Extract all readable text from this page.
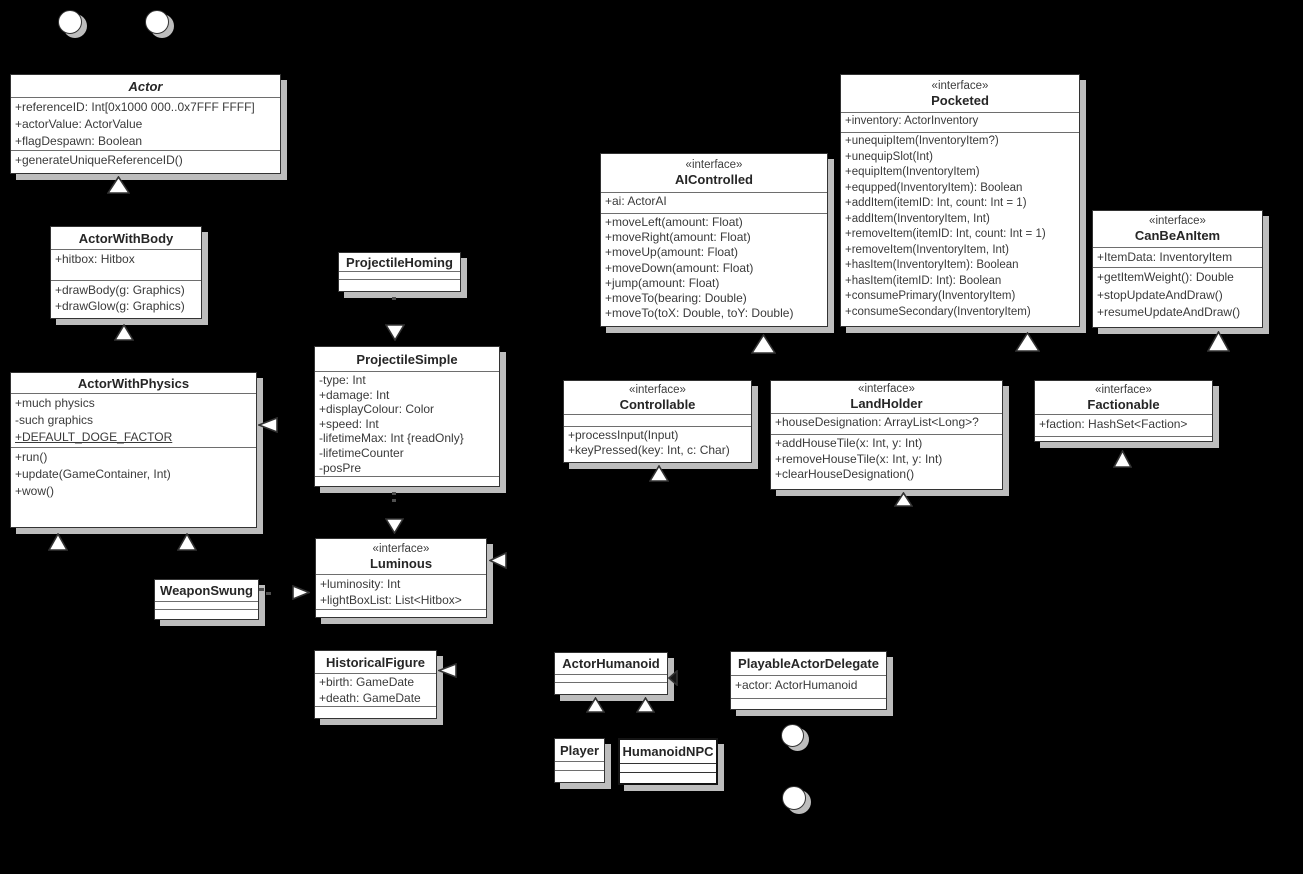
Actor
+referenceID: Int[0x1000 000..0x7FFF FFFF]
+actorValue: ActorValue
+flagDespawn: Boolean
+generateUniqueReferenceID()
ActorWithBody
+hitbox: Hitbox
+drawBody(g: Graphics)
+drawGlow(g: Graphics)
ActorWithPhysics
+much physics
-such graphics
+DEFAULT_DOGE_FACTOR
+run()
+update(GameContainer, Int)
+wow()
ProjectileHoming
ProjectileSimple
-type: Int
+damage: Int
+displayColour: Color
+speed: Int
-lifetimeMax: Int {readOnly}
-lifetimeCounter
-posPre
«interface»
Luminous
+luminosity: Int
+lightBoxList: List<Hitbox>
WeaponSwung
HistoricalFigure
+birth: GameDate
+death: GameDate
«interface»
AIControlled
+ai: ActorAI
+moveLeft(amount: Float)
+moveRight(amount: Float)
+moveUp(amount: Float)
+moveDown(amount: Float)
+jump(amount: Float)
+moveTo(bearing: Double)
+moveTo(toX: Double, toY: Double)
«interface»
Pocketed
+inventory: ActorInventory
+unequipItem(InventoryItem?)
+unequipSlot(Int)
+equipItem(InventoryItem)
+equpped(InventoryItem): Boolean
+addItem(itemID: Int, count: Int = 1)
+addItem(InventoryItem, Int)
+removeItem(itemID: Int, count: Int = 1)
+removeItem(InventoryItem, Int)
+hasItem(InventoryItem): Boolean
+hasItem(itemID: Int): Boolean
+consumePrimary(InventoryItem)
+consumeSecondary(InventoryItem)
«interface»
CanBeAnItem
+ItemData: InventoryItem
+getItemWeight(): Double
+stopUpdateAndDraw()
+resumeUpdateAndDraw()
«interface»
Controllable
+processInput(Input)
+keyPressed(key: Int, c: Char)
«interface»
LandHolder
+houseDesignation: ArrayList<Long>?
+addHouseTile(x: Int, y: Int)
+removeHouseTile(x: Int, y: Int)
+clearHouseDesignation()
«interface»
Factionable
+faction: HashSet<Faction>
ActorHumanoid	PlayableActorDelegate
+actor: ActorHumanoid
Player HumanoidNPC
